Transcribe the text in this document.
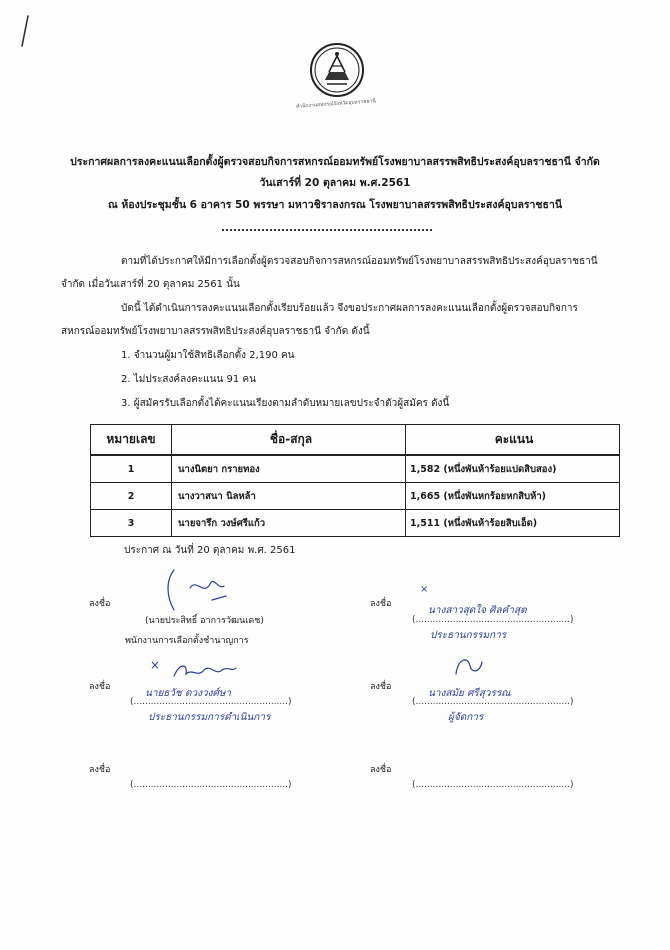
สำนักงานสหกรณ์จังหวัดอุบลราชธานี
ประกาศผลการลงคะแนนเลือกตั้งผู้ตรวจสอบกิจการสหกรณ์ออมทรัพย์โรงพยาบาลสรรพสิทธิประสงค์อุบลราชธานี จำกัด
วันเสาร์ที่ 20 ตุลาคม พ.ศ.2561
ณ ห้องประชุมชั้น 6 อาคาร 50 พรรษา มหาวชิราลงกรณ โรงพยาบาลสรรพสิทธิประสงค์อุบลราชธานี
ตามที่ได้ประกาศให้มีการเลือกตั้งผู้ตรวจสอบกิจการสหกรณ์ออมทรัพย์โรงพยาบาลสรรพสิทธิประสงค์อุบลราชธานี
จำกัด เมื่อวันเสาร์ที่ 20 ตุลาคม 2561 นั้น
บัดนี้ ได้ดำเนินการลงคะแนนเลือกตั้งเรียบร้อยแล้ว จึงขอประกาศผลการลงคะแนนเลือกตั้งผู้ตรวจสอบกิจการ
สหกรณ์ออมทรัพย์โรงพยาบาลสรรพสิทธิประสงค์อุบลราชธานี จำกัด ดังนี้
1. จำนวนผู้มาใช้สิทธิเลือกตั้ง 2,190 คน
2. ไม่ประสงค์ลงคะแนน 91 คน
3. ผู้สมัครรับเลือกตั้งได้คะแนนเรียงตามลำดับหมายเลขประจำตัวผู้สมัคร ดังนี้
หมายเลข	ชื่อ-สกุล	คะแนน
1	นางนิตยา กรายทอง	1,582 (หนึ่งพันห้าร้อยแปดสิบสอง)
2	นางวาสนา นิลหล้า	1,665 (หนึ่งพันหกร้อยหกสิบห้า)
3	นายจารึก วงษ์ศรีแก้ว	1,511 (หนึ่งพันห้าร้อยสิบเอ็ด)
ประกาศ ณ วันที่ 20 ตุลาคม พ.ศ. 2561
ลงชื่อ
(นายประสิทธิ์ อาการวัฒนเดช)
พนักงานการเลือกตั้งชำนาญการ
ลงชื่อ
(......................................................)
×
นางสาวสุดใจ ศิลคำสุต
ประธานกรรมการ
ลงชื่อ
×
(......................................................)
นายธวัช ดวงวงศ์ษา
ประธานกรรมการดำเนินการ
ลงชื่อ
(......................................................)
นางสมัย ศรีสุวรรณ
ผู้จัดการ
ลงชื่อ
(......................................................)
ลงชื่อ
(......................................................)
